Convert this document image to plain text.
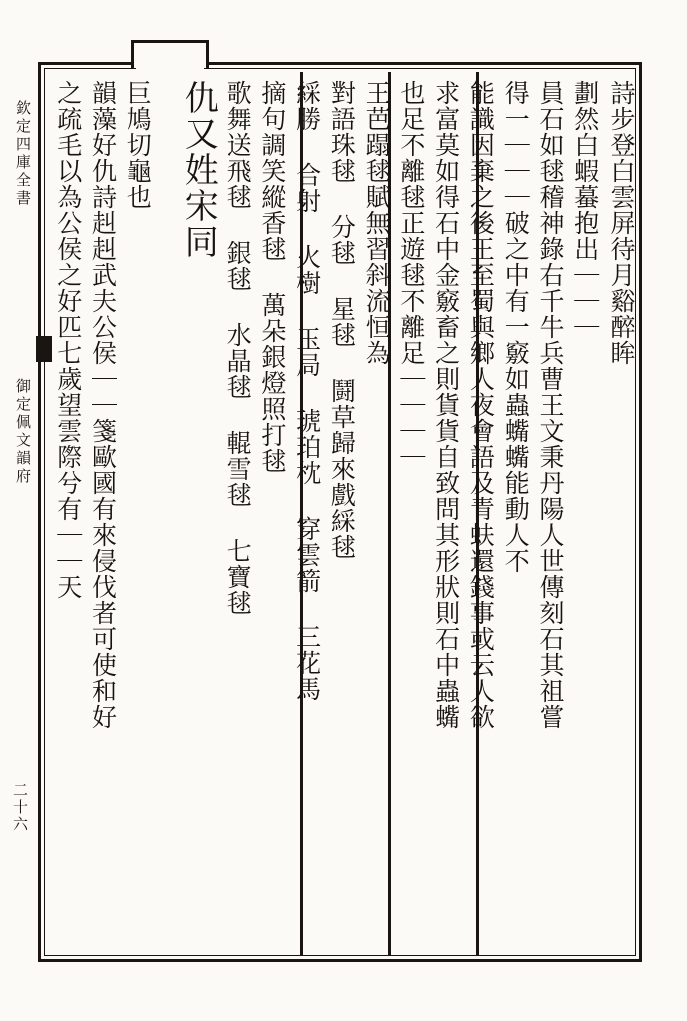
欽定四庫全書
御定佩文韻府
二十六
詩步登白雲屏待月谿醉眸
劃然白蝦蟇抱出｜｜｜
員石如毬稽神錄右千牛兵曹王文秉丹陽人世傳刻石其祖嘗
得一｜｜｜破之中有一竅如蟲蟕蟕能動人不
能識因棄之後王至蜀與鄉人夜會語及青蚨還錢事或云人欲
求富莫如得石中金竅畜之則貨貨自致問其形狀則石中蟲蟕
也足不離毬正遊毬不離足｜｜｜｜
王芭蹋毬賦無習斜流恒為
對語珠毬 分毬 星毬 鬪草歸來戲綵毬
綵勝 合射 火樹 玉局 琥珀枕 穿雲箭 三花馬
摘句調笑縱香毬 萬朵銀燈照打毬
歌舞送飛毬 銀毬 水晶毬 輥雪毬 七寶毬
仇又姓宋同
巨鳩切龜也
韻藻好仇詩赳赳武夫公侯｜｜箋歐國有來侵伐者可使和好
之疏毛以為公侯之好匹七歲望雲際兮有｜｜天
